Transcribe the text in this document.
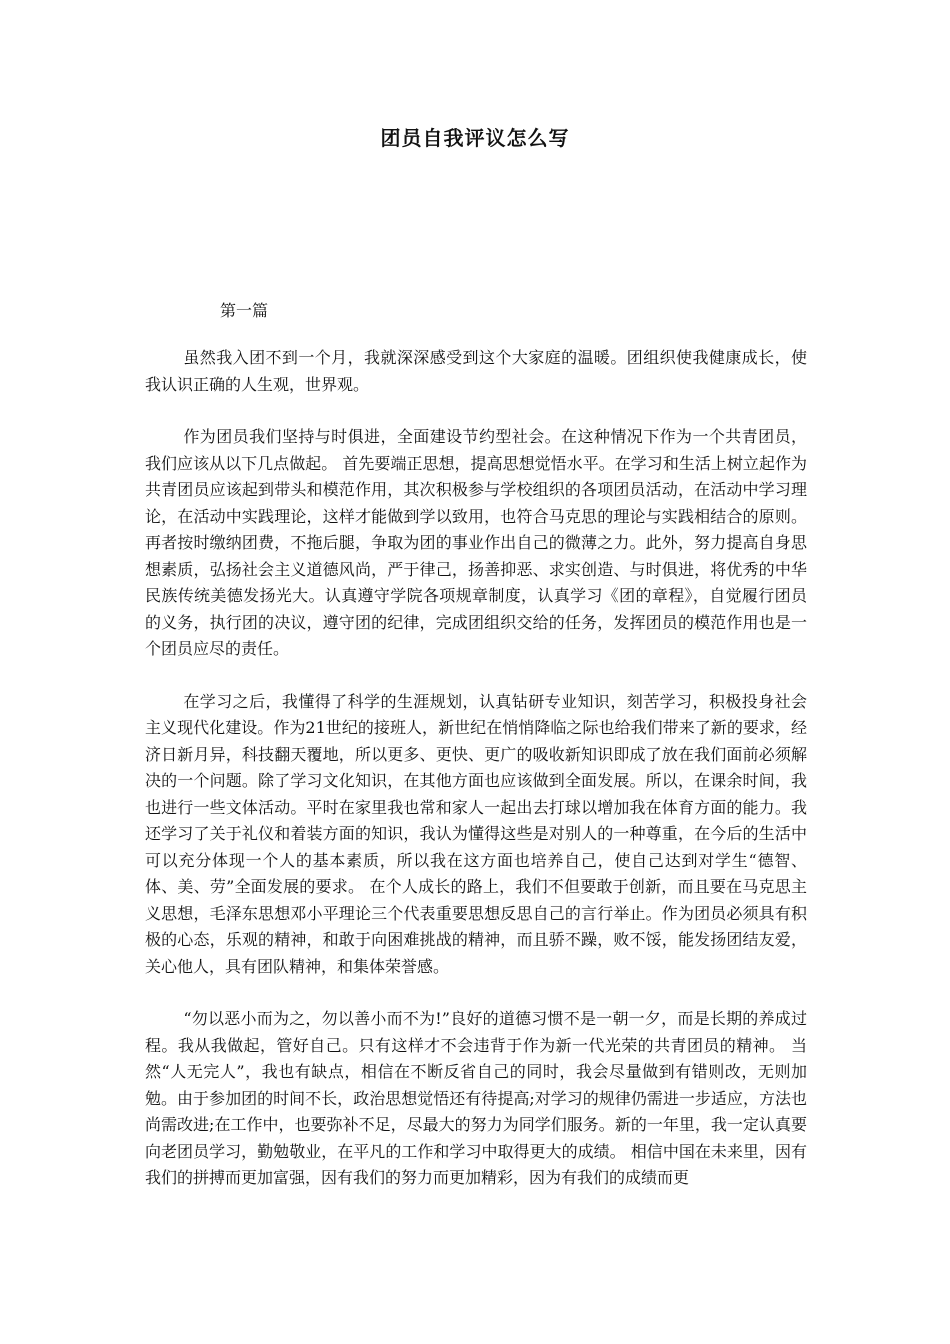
团员自我评议怎么写
第一篇

虽然我入团不到一个月，我就深深感受到这个大家庭的温暖。团组织使我健康成长，使我认识正确的人生观，世界观。

作为团员我们坚持与时俱进，全面建设节约型社会。在这种情况下作为一个共青团员，我们应该从以下几点做起。 首先要端正思想，提高思想觉悟水平。在学习和生活上树立起作为共青团员应该起到带头和模范作用，其次积极参与学校组织的各项团员活动，在活动中学习理论，在活动中实践理论，这样才能做到学以致用，也符合马克思的理论与实践相结合的原则。再者按时缴纳团费，不拖后腿，争取为团的事业作出自己的微薄之力。此外，努力提高自身思想素质，弘扬社会主义道德风尚，严于律己，扬善抑恶、求实创造、与时俱进，将优秀的中华民族传统美德发扬光大。认真遵守学院各项规章制度，认真学习《团的章程》，自觉履行团员的义务，执行团的决议，遵守团的纪律，完成团组织交给的任务，发挥团员的模范作用也是一个团员应尽的责任。

在学习之后，我懂得了科学的生涯规划，认真钻研专业知识，刻苦学习，积极投身社会主义现代化建设。作为21世纪的接班人，新世纪在悄悄降临之际也给我们带来了新的要求，经济日新月异，科技翻天覆地，所以更多、更快、更广的吸收新知识即成了放在我们面前必须解决的一个问题。除了学习文化知识，在其他方面也应该做到全面发展。所以，在课余时间，我也进行一些文体活动。平时在家里我也常和家人一起出去打球以增加我在体育方面的能力。我还学习了关于礼仪和着装方面的知识，我认为懂得这些是对别人的一种尊重，在今后的生活中可以充分体现一个人的基本素质，所以我在这方面也培养自己，使自己达到对学生“德智、体、美、劳”全面发展的要求。 在个人成长的路上，我们不但要敢于创新，而且要在马克思主义思想，毛泽东思想邓小平理论三个代表重要思想反思自己的言行举止。作为团员必须具有积极的心态，乐观的精神，和敢于向困难挑战的精神，而且骄不躁，败不馁，能发扬团结友爱，关心他人，具有团队精神，和集体荣誉感。

“勿以恶小而为之，勿以善小而不为!”良好的道德习惯不是一朝一夕，而是长期的养成过程。我从我做起，管好自己。只有这样才不会违背于作为新一代光荣的共青团员的精神。 当然“人无完人”，我也有缺点，相信在不断反省自己的同时，我会尽量做到有错则改，无则加勉。由于参加团的时间不长，政治思想觉悟还有待提高;对学习的规律仍需进一步适应，方法也尚需改进;在工作中，也要弥补不足，尽最大的努力为同学们服务。新的一年里，我一定认真要向老团员学习，勤勉敬业，在平凡的工作和学习中取得更大的成绩。 相信中国在未来里，因有我们的拼搏而更加富强，因有我们的努力而更加精彩，因为有我们的成绩而更
